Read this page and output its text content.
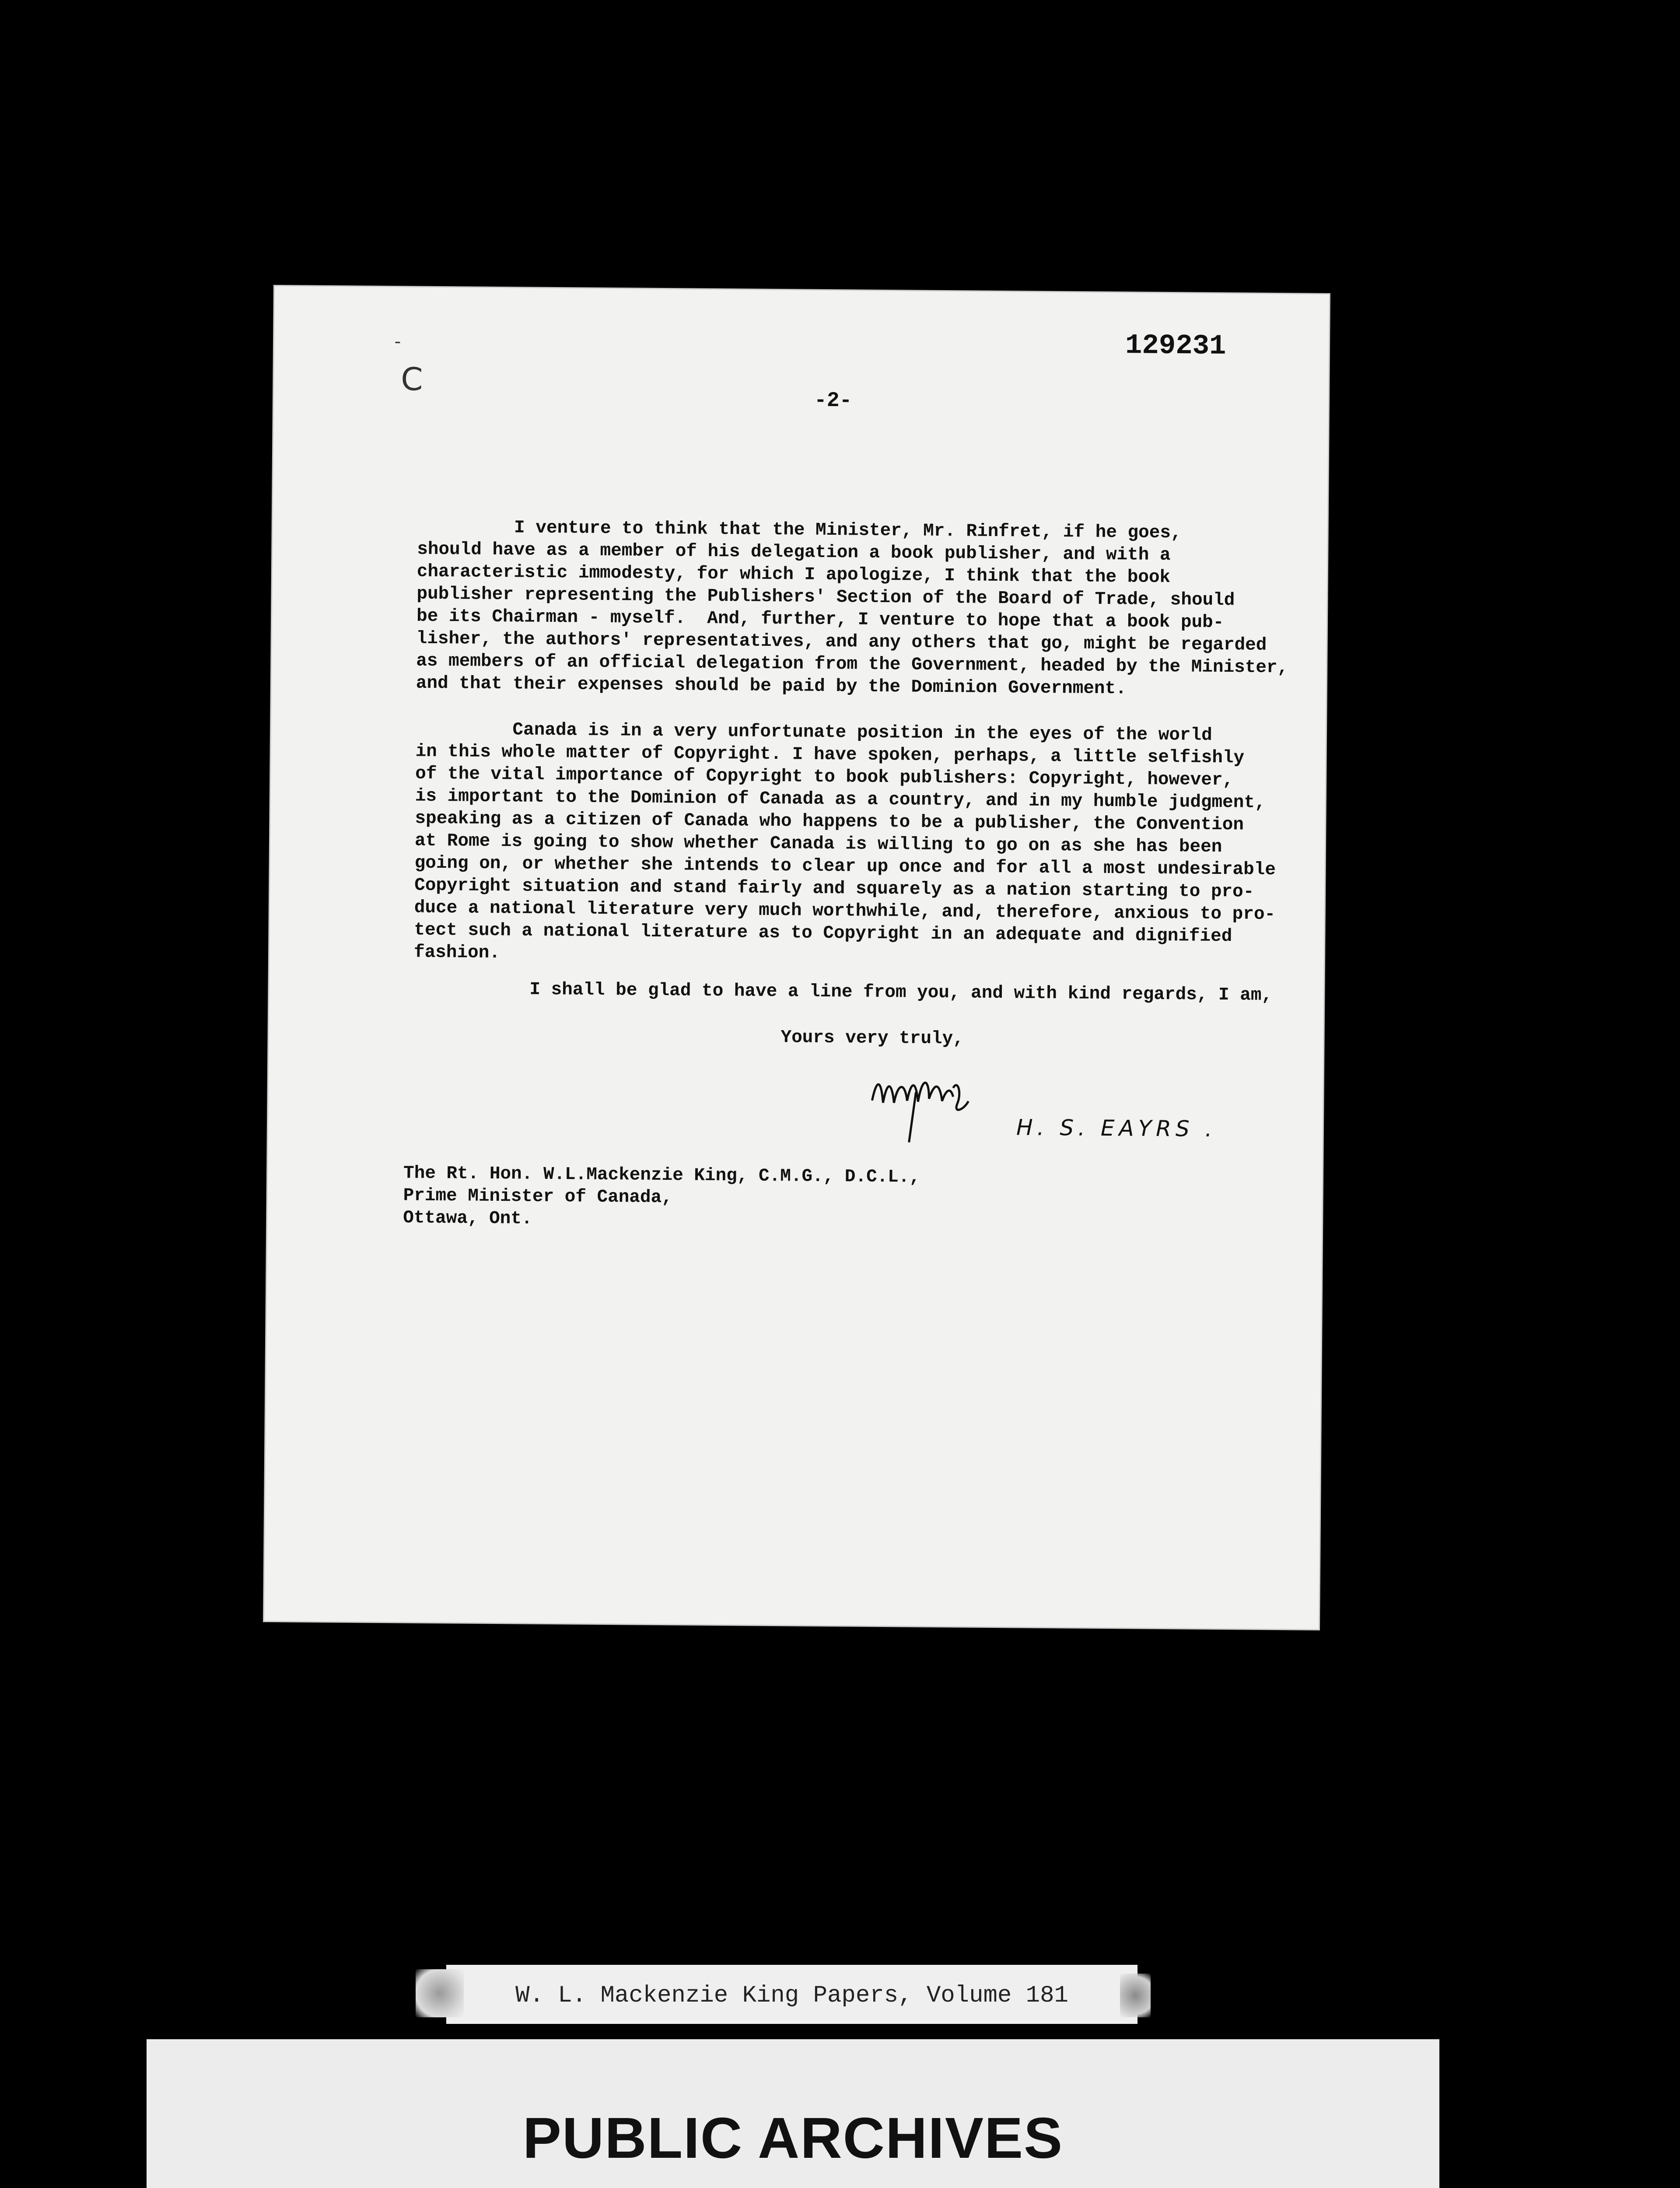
-
C
129231
-2-

I venture to think that the Minister, Mr. Rinfret, if he goes,
should have as a member of his delegation a book publisher, and with a
characteristic immodesty, for which I apologize, I think that the book
publisher representing the Publishers' Section of the Board of Trade, should
be its Chairman - myself.  And, further, I venture to hope that a book pub-
lisher, the authors' representatives, and any others that go, might be regarded
as members of an official delegation from the Government, headed by the Minister,
and that their expenses should be paid by the Dominion Government.

Canada is in a very unfortunate position in the eyes of the world
in this whole matter of Copyright. I have spoken, perhaps, a little selfishly
of the vital importance of Copyright to book publishers: Copyright, however,
is important to the Dominion of Canada as a country, and in my humble judgment,
speaking as a citizen of Canada who happens to be a publisher, the Convention
at Rome is going to show whether Canada is willing to go on as she has been
going on, or whether she intends to clear up once and for all a most undesirable
Copyright situation and stand fairly and squarely as a nation starting to pro-
duce a national literature very much worthwhile, and, therefore, anxious to pro-
tect such a national literature as to Copyright in an adequate and dignified
fashion.

I shall be glad to have a line from you, and with kind regards, I am,
Yours very truly,
H. S. EAYRS .
The Rt. Hon. W.L.Mackenzie King, C.M.G., D.C.L.,
Prime Minister of Canada,
Ottawa, Ont.
W. L. Mackenzie King Papers, Volume 181
PUBLIC ARCHIVES
